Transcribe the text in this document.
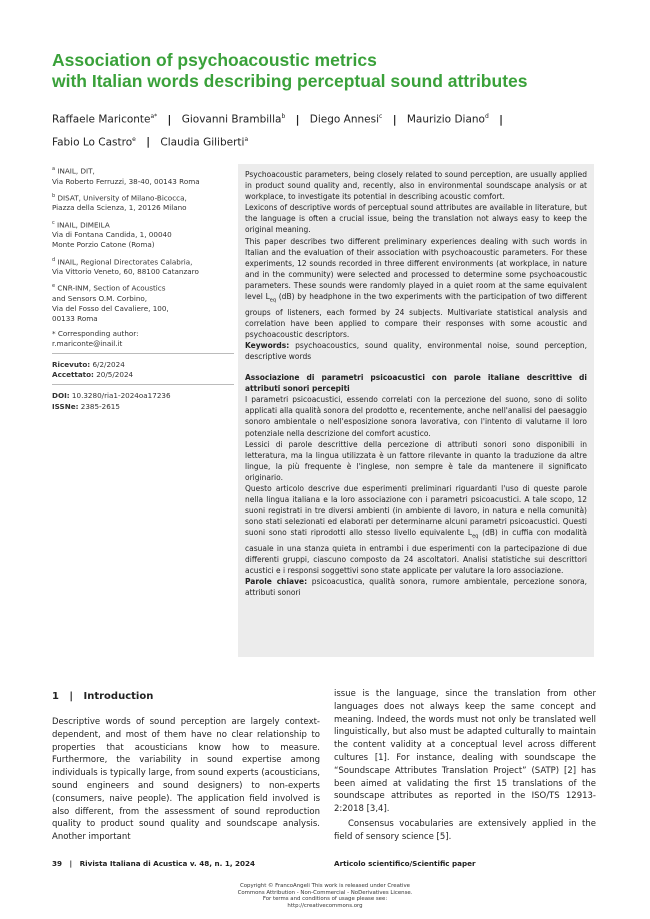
Association of psychoacoustic metrics
with Italian words describing perceptual sound attributes
Raffaele Mariconte$^{a*}$ | Giovanni Brambilla$^b$ | Diego Annesi$^c$ | Maurizio Diano$^d$ |
Fabio Lo Castro$^e$ | Claudia Giliberti$^a$

$^a$ INAIL, DIT,
Via Roberto Ferruzzi, 38-40, 00143 Roma

$^b$ DISAT, University of Milano-Bicocca,
Piazza della Scienza, 1, 20126 Milano

$^c$ INAIL, DIMEILA
Via di Fontana Candida, 1, 00040
Monte Porzio Catone (Roma)

$^d$ INAIL, Regional Directorates Calabria,
Via Vittorio Veneto, 60, 88100 Catanzaro

$^e$ CNR-INM, Section of Acoustics
and Sensors O.M. Corbino,
Via del Fosso del Cavaliere, 100,
00133 Roma

* Corresponding author:
r.mariconte@inail.it

Ricevuto: 6/2/2024
Accettato: 20/5/2024

DOI: 10.3280/ria1-2024oa17236
ISSNe: 2385-2615

Psychoacoustic parameters, being closely related to sound perception, are usually applied in product sound quality and, recently, also in environmental soundscape analysis or at workplace, to investigate its potential in describing acoustic comfort.

Lexicons of descriptive words of perceptual sound attributes are available in literature, but the language is often a crucial issue, being the translation not always easy to keep the original meaning.

This paper describes two different preliminary experiences dealing with such words in Italian and the evaluation of their association with psychoacoustic parameters. For these experiments, 12 sounds recorded in three different environments (at workplace, in nature and in the community) were selected and processed to determine some psychoacoustic parameters. These sounds were randomly played in a quiet room at the same equivalent level $L_{eq}$ (dB) by headphone in the two experiments with the participation of two different groups of listeners, each formed by 24 subjects. Multivariate statistical analysis and correlation have been applied to compare their responses with some acoustic and psychoacoustic descriptors.

Keywords: psychoacoustics, sound quality, environmental noise, sound perception, descriptive words

Associazione di parametri psicoacustici con parole italiane descrittive di attributi sonori percepiti

I parametri psicoacustici, essendo correlati con la percezione del suono, sono di solito applicati alla qualità sonora del prodotto e, recentemente, anche nell'analisi del paesaggio sonoro ambientale o nell'esposizione sonora lavorativa, con l'intento di valutarne il loro potenziale nella descrizione del comfort acustico.

Lessici di parole descrittive della percezione di attributi sonori sono disponibili in letteratura, ma la lingua utilizzata è un fattore rilevante in quanto la traduzione da altre lingue, la più frequente è l'inglese, non sempre è tale da mantenere il significato originario.

Questo articolo descrive due esperimenti preliminari riguardanti l'uso di queste parole nella lingua italiana e la loro associazione con i parametri psicoacustici. A tale scopo, 12 suoni registrati in tre diversi ambienti (in ambiente di lavoro, in natura e nella comunità) sono stati selezionati ed elaborati per determinarne alcuni parametri psicoacustici. Questi suoni sono stati riprodotti allo stesso livello equivalente $L_{eq}$ (dB) in cuffia con modalità casuale in una stanza quieta in entrambi i due esperimenti con la partecipazione di due differenti gruppi, ciascuno composto da 24 ascoltatori. Analisi statistiche sui descrittori acustici e i responsi soggettivi sono state applicate per valutare la loro associazione.

Parole chiave: psicoacustica, qualità sonora, rumore ambientale, percezione sonora, attributi sonori

1   |   Introduction

Descriptive words of sound perception are largely context-dependent, and most of them have no clear relationship to properties that acousticians know how to measure. Furthermore, the variability in sound expertise among individuals is typically large, from sound experts (acousticians, sound engineers and sound designers) to non-experts (consumers, naive people). The application field involved is also different, from the assessment of sound reproduction quality to product sound quality and soundscape analysis. Another important

issue is the language, since the translation from other languages does not always keep the same concept and meaning. Indeed, the words must not only be translated well linguistically, but also must be adapted culturally to maintain the content validity at a conceptual level across different cultures [1]. For instance, dealing with soundscape the “Soundscape Attributes Translation Project” (SATP) [2] has been aimed at validating the first 15 translations of the soundscape attributes as reported in the ISO/TS 12913-2:2018 [3,4].

Consensus vocabularies are extensively applied in the field of sensory science [5].

39   |   Rivista Italiana di Acustica v. 48, n. 1, 2024	Articolo scientifico/Scientific paper
Copyright © FrancoAngeli This work is released under Creative
Commons Attribution - Non-Commercial - NoDerivatives License.
For terms and conditions of usage please see:
http://creativecommons.org
